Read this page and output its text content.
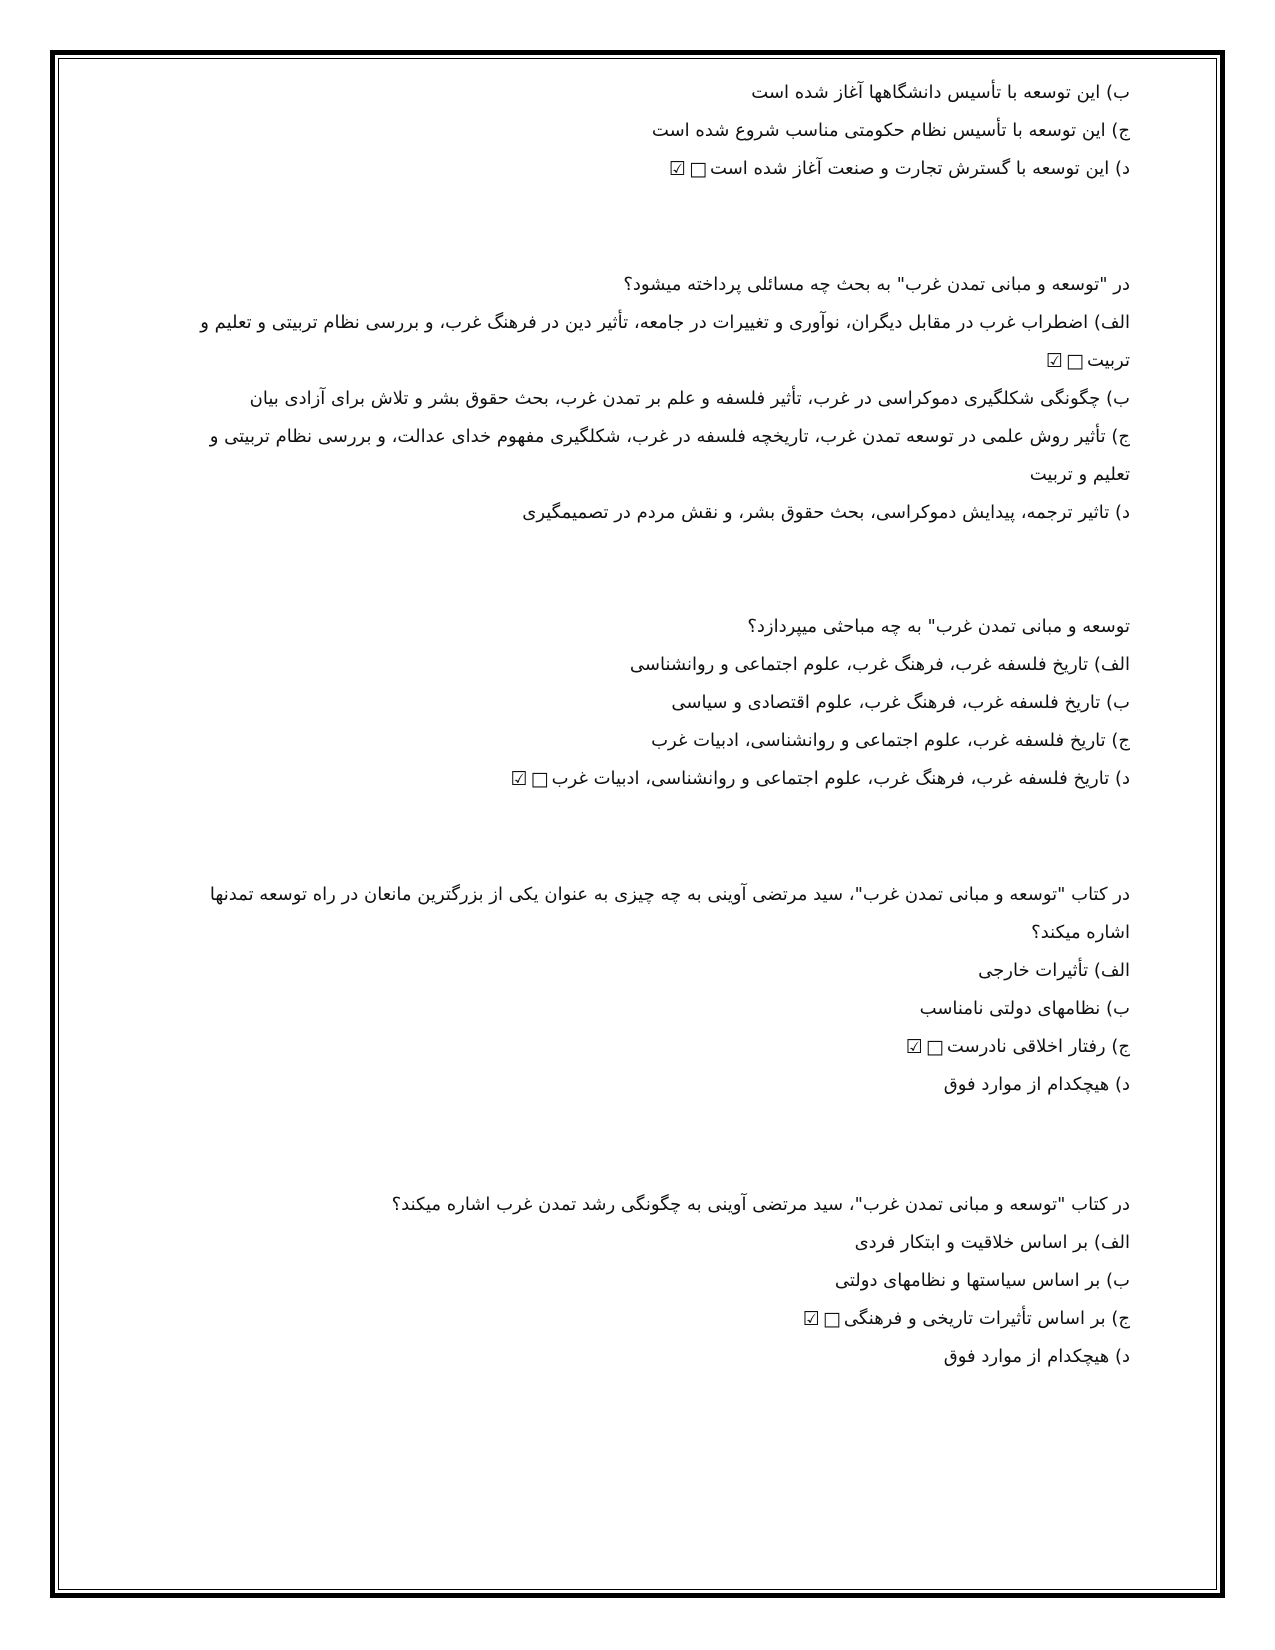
ب) این توسعه با تأسیس دانشگاهها آغاز شده است
ج) این توسعه با تأسیس نظام حکومتی مناسب شروع شده است
د) این توسعه با گسترش تجارت و صنعت آغاز شده است□☑
در "توسعه و مبانی تمدن غرب" به بحث چه مسائلی پرداخته میشود؟
الف) اضطراب غرب در مقابل دیگران، نوآوری و تغییرات در جامعه، تأثیر دین در فرهنگ غرب، و بررسی نظام تربیتی و تعلیم و تربیت□☑
ب) چگونگی شکلگیری دموکراسی در غرب، تأثیر فلسفه و علم بر تمدن غرب، بحث حقوق بشر و تلاش برای آزادی بیان
ج) تأثیر روش علمی در توسعه تمدن غرب، تاریخچه فلسفه در غرب، شکلگیری مفهوم خدای عدالت، و بررسی نظام تربیتی و تعلیم و تربیت
د) تاثیر ترجمه، پیدایش دموکراسی، بحث حقوق بشر، و نقش مردم در تصمیمگیری
توسعه و مبانی تمدن غرب" به چه مباحثی میپردازد؟
الف) تاریخ فلسفه غرب، فرهنگ غرب، علوم اجتماعی و روانشناسی
ب) تاریخ فلسفه غرب، فرهنگ غرب، علوم اقتصادی و سیاسی
ج) تاریخ فلسفه غرب، علوم اجتماعی و روانشناسی، ادبیات غرب
د) تاریخ فلسفه غرب، فرهنگ غرب، علوم اجتماعی و روانشناسی، ادبیات غرب□☑
در کتاب "توسعه و مبانی تمدن غرب"، سید مرتضی آوینی به چه چیزی به عنوان یکی از بزرگترین مانعان در راه توسعه تمدنها اشاره میکند؟
الف) تأثیرات خارجی
ب) نظامهای دولتی نامناسب
ج) رفتار اخلاقی نادرست□☑
د) هیچکدام از موارد فوق
در کتاب "توسعه و مبانی تمدن غرب"، سید مرتضی آوینی به چگونگی رشد تمدن غرب اشاره میکند؟
الف) بر اساس خلاقیت و ابتکار فردی
ب) بر اساس سیاستها و نظامهای دولتی
ج) بر اساس تأثیرات تاریخی و فرهنگی□☑
د) هیچکدام از موارد فوق
